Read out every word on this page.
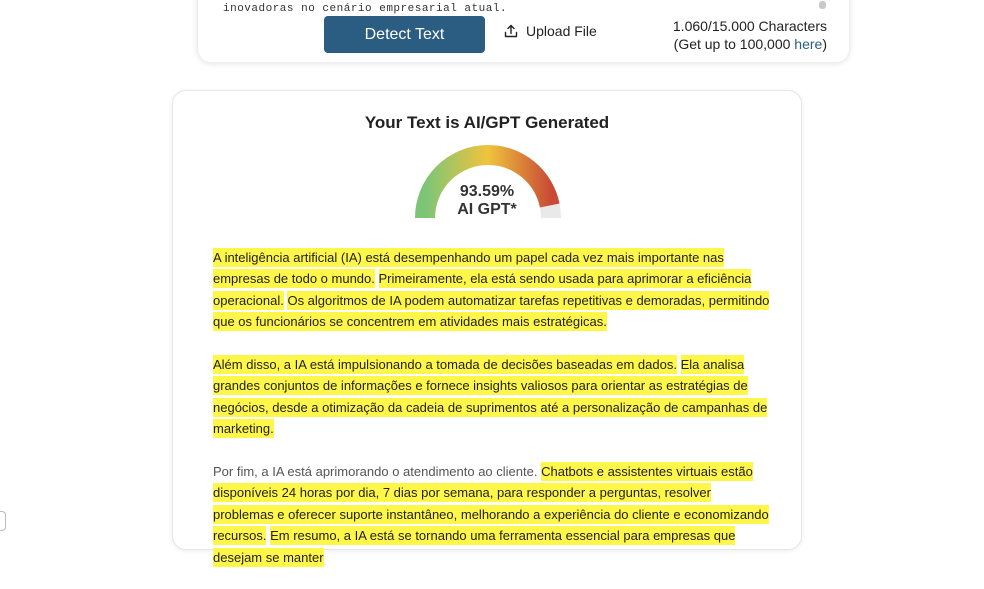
inovadoras no cenário empresarial atual.
Detect Text	Upload File	1.060/15.000 Characters
(Get up to 100,000 here)
Your Text is AI/GPT Generated
93.59%
AI GPT*

A inteligência artificial (IA) está desempenhando um papel cada vez mais importante nas empresas de todo o mundo. Primeiramente, ela está sendo usada para aprimorar a eficiência operacional. Os algoritmos de IA podem automatizar tarefas repetitivas e demoradas, permitindo que os funcionários se concentrem em atividades mais estratégicas.

Além disso, a IA está impulsionando a tomada de decisões baseadas em dados. Ela analisa grandes conjuntos de informações e fornece insights valiosos para orientar as estratégias de negócios, desde a otimização da cadeia de suprimentos até a personalização de campanhas de marketing.

Por fim, a IA está aprimorando o atendimento ao cliente. Chatbots e assistentes virtuais estão disponíveis 24 horas por dia, 7 dias por semana, para responder a perguntas, resolver problemas e oferecer suporte instantâneo, melhorando a experiência do cliente e economizando recursos. Em resumo, a IA está se tornando uma ferramenta essencial para empresas que desejam se manter
